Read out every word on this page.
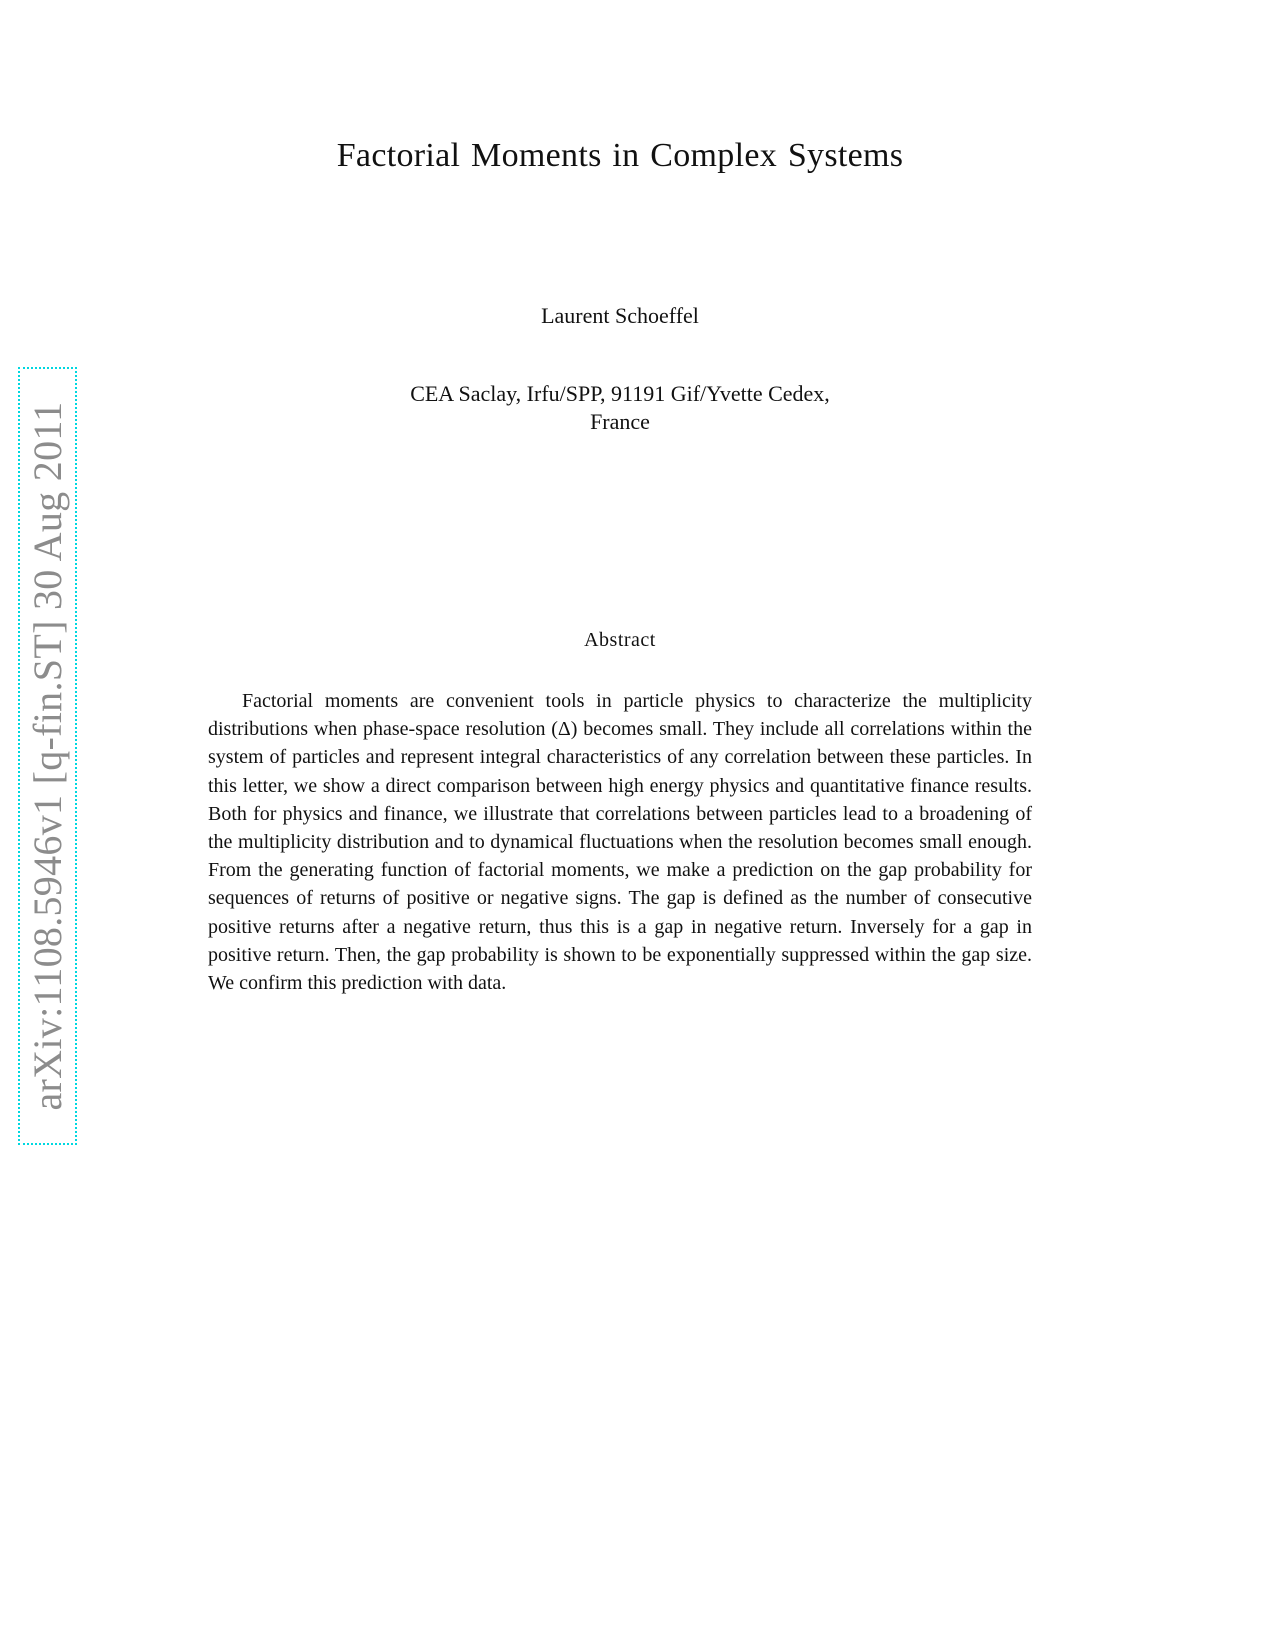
arXiv:1108.5946v1 [q-fin.ST] 30 Aug 2011
Factorial Moments in Complex Systems
Laurent Schoeffel
CEA Saclay, Irfu/SPP, 91191 Gif/Yvette Cedex,
France
Abstract

Factorial moments are convenient tools in particle physics to characterize the multiplicity distributions when phase-space resolution (Δ) becomes small. They include all correlations within the system of particles and represent integral characteristics of any correlation between these particles. In this letter, we show a direct comparison between high energy physics and quantitative finance results. Both for physics and finance, we illustrate that correlations between particles lead to a broadening of the multiplicity distribution and to dynamical fluctuations when the resolution becomes small enough. From the generating function of factorial moments, we make a prediction on the gap probability for sequences of returns of positive or negative signs. The gap is defined as the number of consecutive positive returns after a negative return, thus this is a gap in negative return. Inversely for a gap in positive return. Then, the gap probability is shown to be exponentially suppressed within the gap size. We confirm this prediction with data.
